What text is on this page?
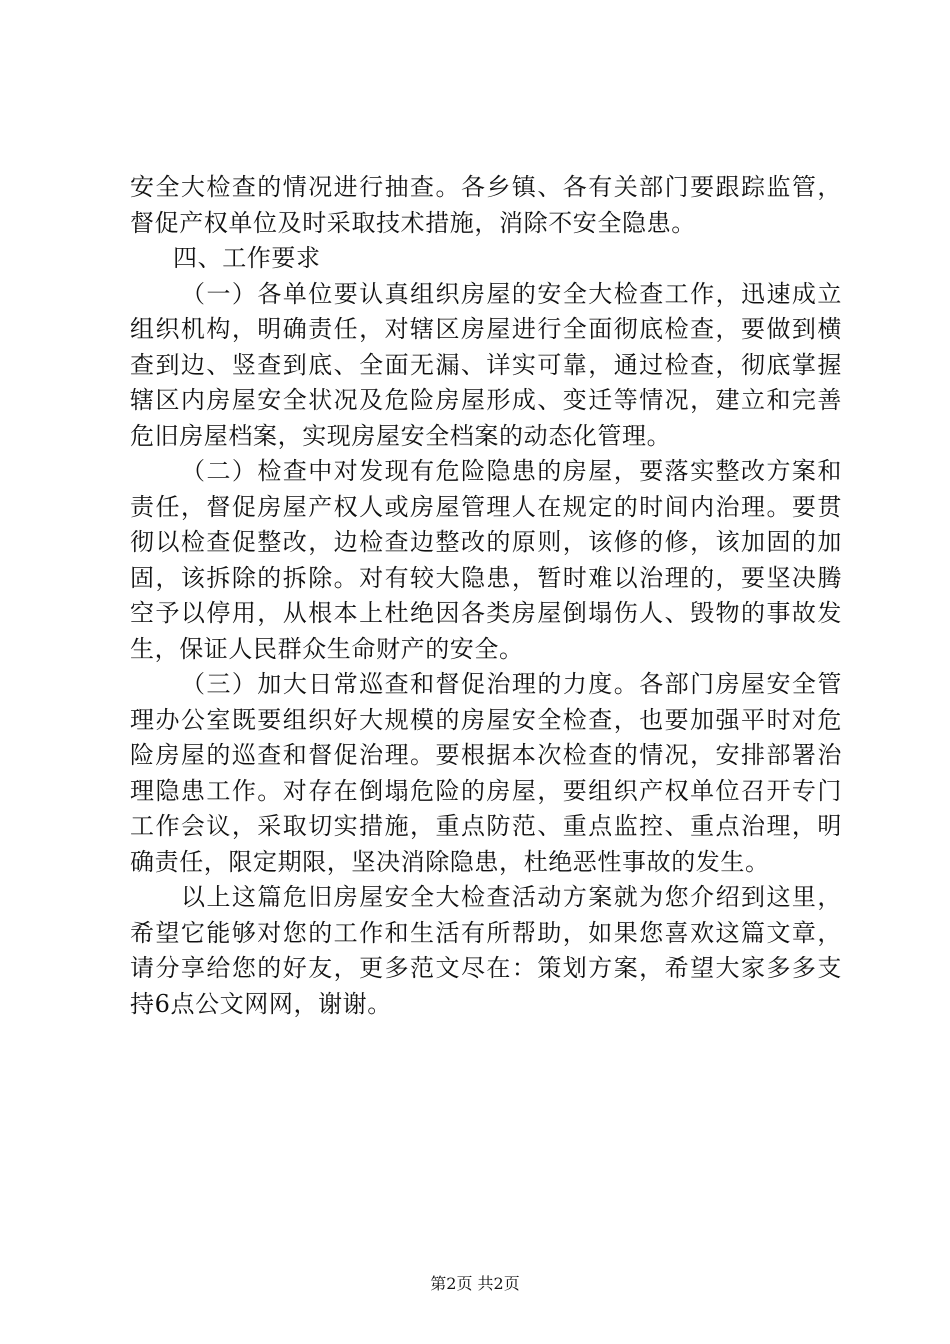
安全大检查的情况进行抽查。各乡镇、各有关部门要跟踪监管，督促产权单位及时采取技术措施，消除不安全隐患。

四、工作要求

（一）各单位要认真组织房屋的安全大检查工作，迅速成立组织机构，明确责任，对辖区房屋进行全面彻底检查，要做到横查到边、竖查到底、全面无漏、详实可靠，通过检查，彻底掌握辖区内房屋安全状况及危险房屋形成、变迁等情况，建立和完善危旧房屋档案，实现房屋安全档案的动态化管理。

（二）检查中对发现有危险隐患的房屋，要落实整改方案和责任，督促房屋产权人或房屋管理人在规定的时间内治理。要贯彻以检查促整改，边检查边整改的原则，该修的修，该加固的加固，该拆除的拆除。对有较大隐患，暂时难以治理的，要坚决腾空予以停用，从根本上杜绝因各类房屋倒塌伤人、毁物的事故发生，保证人民群众生命财产的安全。

（三）加大日常巡查和督促治理的力度。各部门房屋安全管理办公室既要组织好大规模的房屋安全检查，也要加强平时对危险房屋的巡查和督促治理。要根据本次检查的情况，安排部署治理隐患工作。对存在倒塌危险的房屋，要组织产权单位召开专门工作会议，采取切实措施，重点防范、重点监控、重点治理，明确责任，限定期限，坚决消除隐患，杜绝恶性事故的发生。

以上这篇危旧房屋安全大检查活动方案就为您介绍到这里，希望它能够对您的工作和生活有所帮助，如果您喜欢这篇文章，请分享给您的好友，更多范文尽在：策划方案，希望大家多多支持6点公文网网，谢谢。

第2页 共2页
